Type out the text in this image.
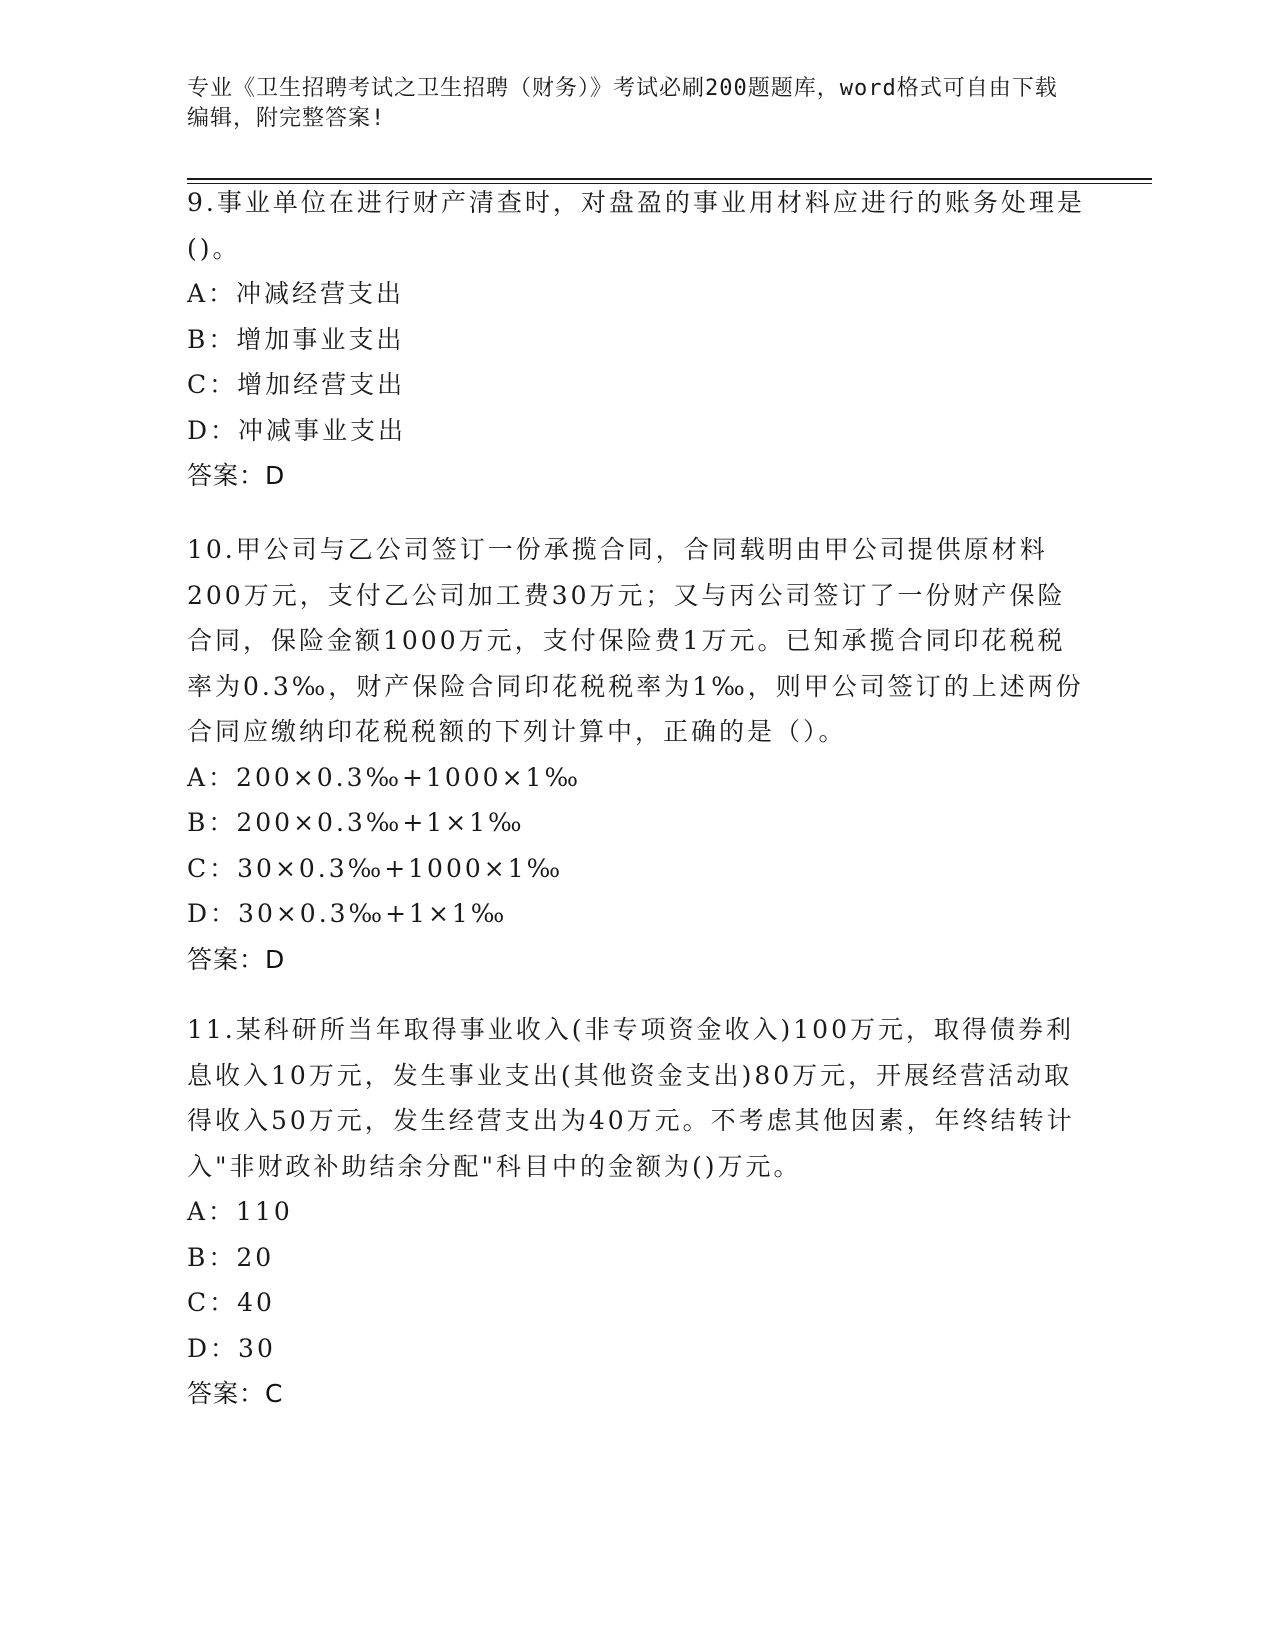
专业《卫生招聘考试之卫生招聘（财务）》考试必刷200题题库，word格式可自由下载编辑，附完整答案!

9.事业单位在进行财产清查时，对盘盈的事业用材料应进行的账务处理是()。

A：冲减经营支出

B：增加事业支出

C：增加经营支出

D：冲减事业支出

答案：D

10.甲公司与乙公司签订一份承揽合同，合同载明由甲公司提供原材料200万元，支付乙公司加工费30万元；又与丙公司签订了一份财产保险合同，保险金额1000万元，支付保险费1万元。已知承揽合同印花税税率为0.3‰，财产保险合同印花税税率为1‰，则甲公司签订的上述两份合同应缴纳印花税税额的下列计算中，正确的是（）。

A：200×0.3‰+1000×1‰

B：200×0.3‰+1×1‰

C：30×0.3‰+1000×1‰

D：30×0.3‰+1×1‰

答案：D

11.某科研所当年取得事业收入(非专项资金收入)100万元，取得债券利息收入10万元，发生事业支出(其他资金支出)80万元，开展经营活动取得收入50万元，发生经营支出为40万元。不考虑其他因素，年终结转计入"非财政补助结余分配"科目中的金额为()万元。

A：110

B：20

C：40

D：30

答案：C
